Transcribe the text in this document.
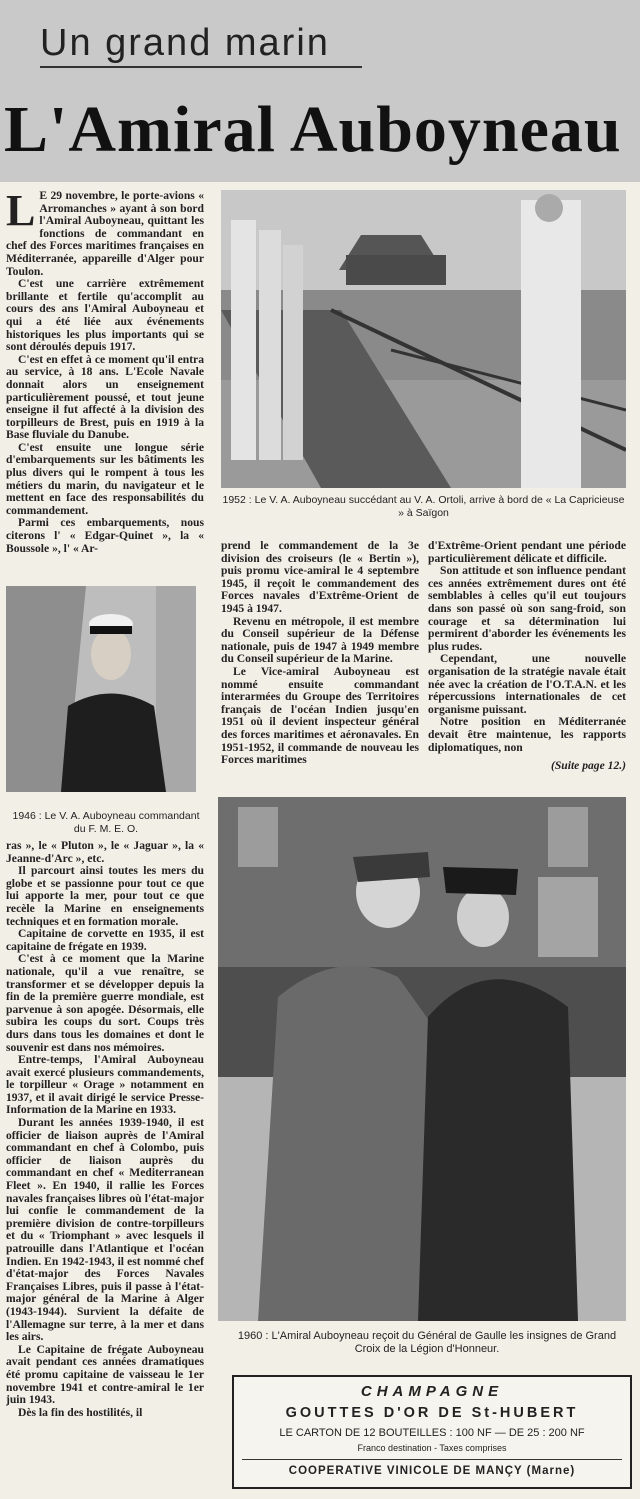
Un grand marin
L'Amiral Auboyneau
L E 29 novembre, le porte-avions « Arromanches » ayant à son bord l'Amiral Auboyneau, quittant les fonctions de commandant en chef des Forces maritimes françaises en Méditerranée, appareille d'Alger pour Toulon.

C'est une carrière extrêmement brillante et fertile qu'accomplit au cours des ans l'Amiral Auboyneau et qui a été liée aux événements historiques les plus importants qui se sont déroulés depuis 1917.

C'est en effet à ce moment qu'il entra au service, à 18 ans. L'Ecole Navale donnait alors un enseignement particulièrement poussé, et tout jeune enseigne il fut affecté à la division des torpilleurs de Brest, puis en 1919 à la Base fluviale du Danube.

C'est ensuite une longue série d'embarquements sur les bâtiments les plus divers qui le rompent à tous les métiers du marin, du navigateur et le mettent en face des responsabilités du commandement.

Parmi ces embarquements, nous citerons l' « Edgar-Quinet », la « Boussole », l' « Ar-

1952 : Le V. A. Auboyneau succédant au V. A. Ortoli, arrive à bord de « La Capricieuse » à Saïgon
1946 : Le V. A. Auboyneau commandant du F. M. E. O.

prend le commandement de la 3e division des croiseurs (le « Bertin »), puis promu vice-amiral le 4 septembre 1945, il reçoit le commandement des Forces navales d'Extrême-Orient de 1945 à 1947.

Revenu en métropole, il est membre du Conseil supérieur de la Défense nationale, puis de 1947 à 1949 membre du Conseil supérieur de la Marine.

Le Vice-amiral Auboyneau est nommé ensuite commandant interarmées du Groupe des Territoires français de l'océan Indien jusqu'en 1951 où il devient inspecteur général des forces maritimes et aéronavales. En 1951-1952, il commande de nouveau les Forces maritimes

d'Extrême-Orient pendant une période particulièrement délicate et difficile.

Son attitude et son influence pendant ces années extrêmement dures ont été semblables à celles qu'il eut toujours dans son passé où son sang-froid, son courage et sa détermination lui permirent d'aborder les événements les plus rudes.

Cependant, une nouvelle organisation de la stratégie navale était née avec la création de l'O.T.A.N. et les répercussions internationales de cet organisme puissant.

Notre position en Méditerranée devait être maintenue, les rapports diplomatiques, non

(Suite page 12.)

ras », le « Pluton », le « Jaguar », la « Jeanne-d'Arc », etc.

Il parcourt ainsi toutes les mers du globe et se passionne pour tout ce que lui apporte la mer, pour tout ce que recèle la Marine en enseignements techniques et en formation morale.

Capitaine de corvette en 1935, il est capitaine de frégate en 1939.

C'est à ce moment que la Marine nationale, qu'il a vue renaître, se transformer et se développer depuis la fin de la première guerre mondiale, est parvenue à son apogée. Désormais, elle subira les coups du sort. Coups très durs dans tous les domaines et dont le souvenir est dans nos mémoires.

Entre-temps, l'Amiral Auboyneau avait exercé plusieurs commandements, le torpilleur « Orage » notamment en 1937, et il avait dirigé le service Presse-Information de la Marine en 1933.

Durant les années 1939-1940, il est officier de liaison auprès de l'Amiral commandant en chef à Colombo, puis officier de liaison auprès du commandant en chef « Mediterranean Fleet ». En 1940, il rallie les Forces navales françaises libres où l'état-major lui confie le commandement de la première division de contre-torpilleurs et du « Triomphant » avec lesquels il patrouille dans l'Atlantique et l'océan Indien. En 1942-1943, il est nommé chef d'état-major des Forces Navales Françaises Libres, puis il passe à l'état-major général de la Marine à Alger (1943-1944). Survient la défaite de l'Allemagne sur terre, à la mer et dans les airs.

Le Capitaine de frégate Auboyneau avait pendant ces années dramatiques été promu capitaine de vaisseau le 1er novembre 1941 et contre-amiral le 1er juin 1943.

Dès la fin des hostilités, il

1960 : L'Amiral Auboyneau reçoit du Général de Gaulle les insignes de Grand Croix de la Légion d'Honneur.
CHAMPAGNE
GOUTTES D'OR DE St-HUBERT
LE CARTON DE 12 BOUTEILLES : 100 NF — DE 25 : 200 NF
Franco destination - Taxes comprises
COOPERATIVE VINICOLE DE MANÇY (Marne)
